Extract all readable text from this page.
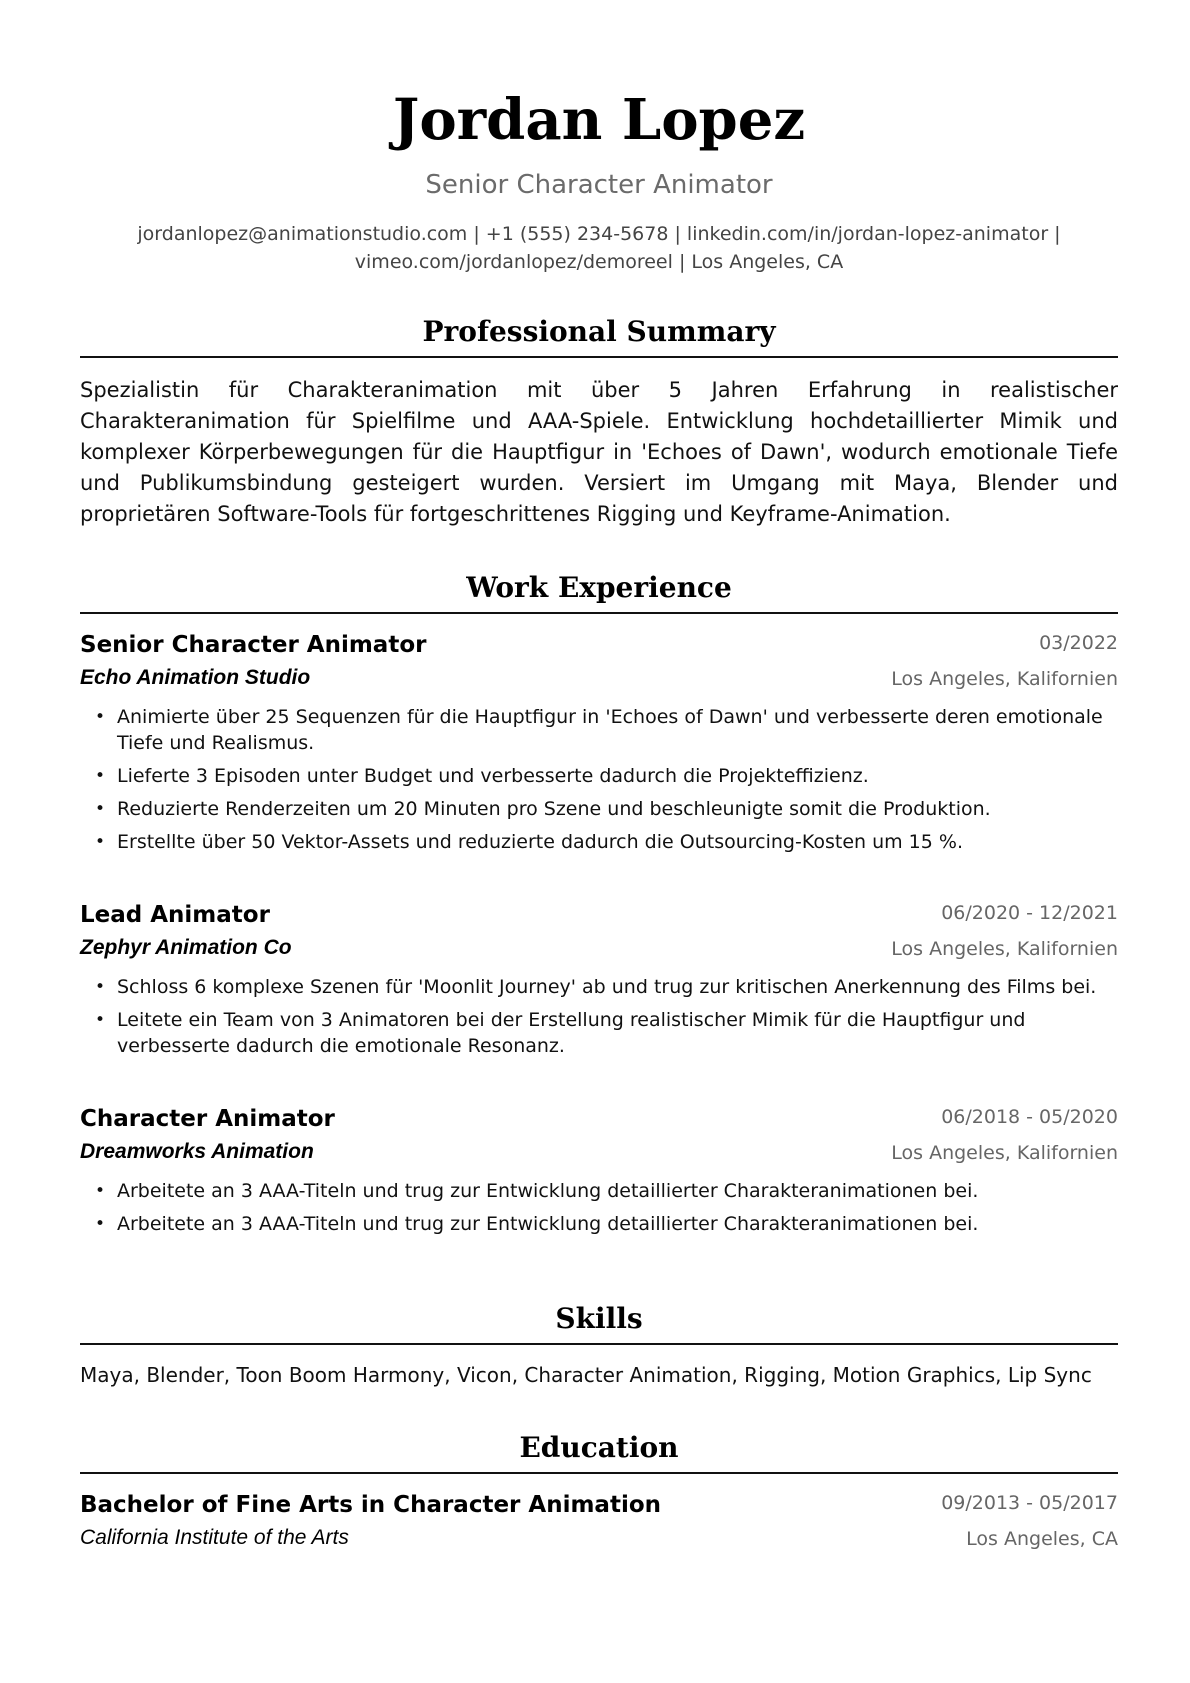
Jordan Lopez
Senior Character Animator
jordanlopez@animationstudio.com | +1 (555) 234-5678 | linkedin.com/in/jordan-lopez-animator |
vimeo.com/jordanlopez/demoreel | Los Angeles, CA
Professional Summary
Spezialistin für Charakteranimation mit über 5 Jahren Erfahrung in realistischer Charakteranimation für Spielfilme und AAA-Spiele. Entwicklung hochdetaillierter Mimik und komplexer Körperbewegungen für die Hauptfigur in 'Echoes of Dawn', wodurch emotionale Tiefe und Publikumsbindung gesteigert wurden. Versiert im Umgang mit Maya, Blender und proprietären Software-Tools für fortgeschrittenes Rigging und Keyframe-Animation.
Work Experience
Senior Character Animator	03/2022
Echo Animation Studio	Los Angeles, Kalifornien
• Animierte über 25 Sequenzen für die Hauptfigur in 'Echoes of Dawn' und verbesserte deren emotionale Tiefe und Realismus.
• Lieferte 3 Episoden unter Budget und verbesserte dadurch die Projekteffizienz.
• Reduzierte Renderzeiten um 20 Minuten pro Szene und beschleunigte somit die Produktion.
• Erstellte über 50 Vektor-Assets und reduzierte dadurch die Outsourcing-Kosten um 15 %.
Lead Animator	06/2020 - 12/2021
Zephyr Animation Co	Los Angeles, Kalifornien
• Schloss 6 komplexe Szenen für 'Moonlit Journey' ab und trug zur kritischen Anerkennung des Films bei.
• Leitete ein Team von 3 Animatoren bei der Erstellung realistischer Mimik für die Hauptfigur und verbesserte dadurch die emotionale Resonanz.
Character Animator	06/2018 - 05/2020
Dreamworks Animation	Los Angeles, Kalifornien
• Arbeitete an 3 AAA-Titeln und trug zur Entwicklung detaillierter Charakteranimationen bei.
• Arbeitete an 3 AAA-Titeln und trug zur Entwicklung detaillierter Charakteranimationen bei.
Skills
Maya, Blender, Toon Boom Harmony, Vicon, Character Animation, Rigging, Motion Graphics, Lip Sync
Education
Bachelor of Fine Arts in Character Animation	09/2013 - 05/2017
California Institute of the Arts	Los Angeles, CA
